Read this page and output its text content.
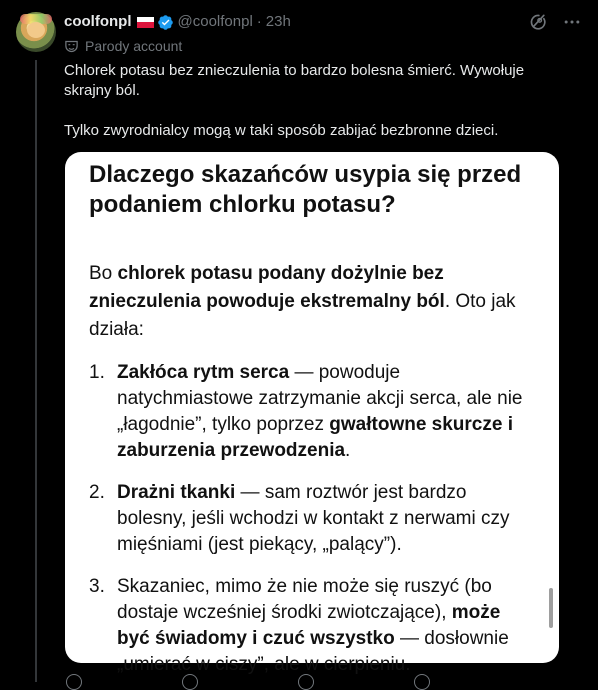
coolfonpl	@coolfonpl · 23h
Parody account

Chlorek potasu bez znieczulenia to bardzo bolesna śmierć. Wywołuje skrajny ból.

Tylko zwyrodnialcy mogą w taki sposób zabijać bezbronne dzieci.

Dlaczego skazańców usypia się przed podaniem chlorku potasu?
Bo chlorek potasu podany dożylnie bez znieczulenia powoduje ekstremalny ból. Oto jak działa:
1. Zakłóca rytm serca — powoduje natychmiastowe zatrzymanie akcji serca, ale nie „łagodnie”, tylko poprzez gwałtowne skurcze i zaburzenia przewodzenia.
2. Drażni tkanki — sam roztwór jest bardzo bolesny, jeśli wchodzi w kontakt z nerwami czy mięśniami (jest piekący, „palący”).
3. Skazaniec, mimo że nie może się ruszyć (bo dostaje wcześniej środki zwiotczające), może być świadomy i czuć wszystko — dosłownie „umierać w ciszy”, ale w cierpieniu.
